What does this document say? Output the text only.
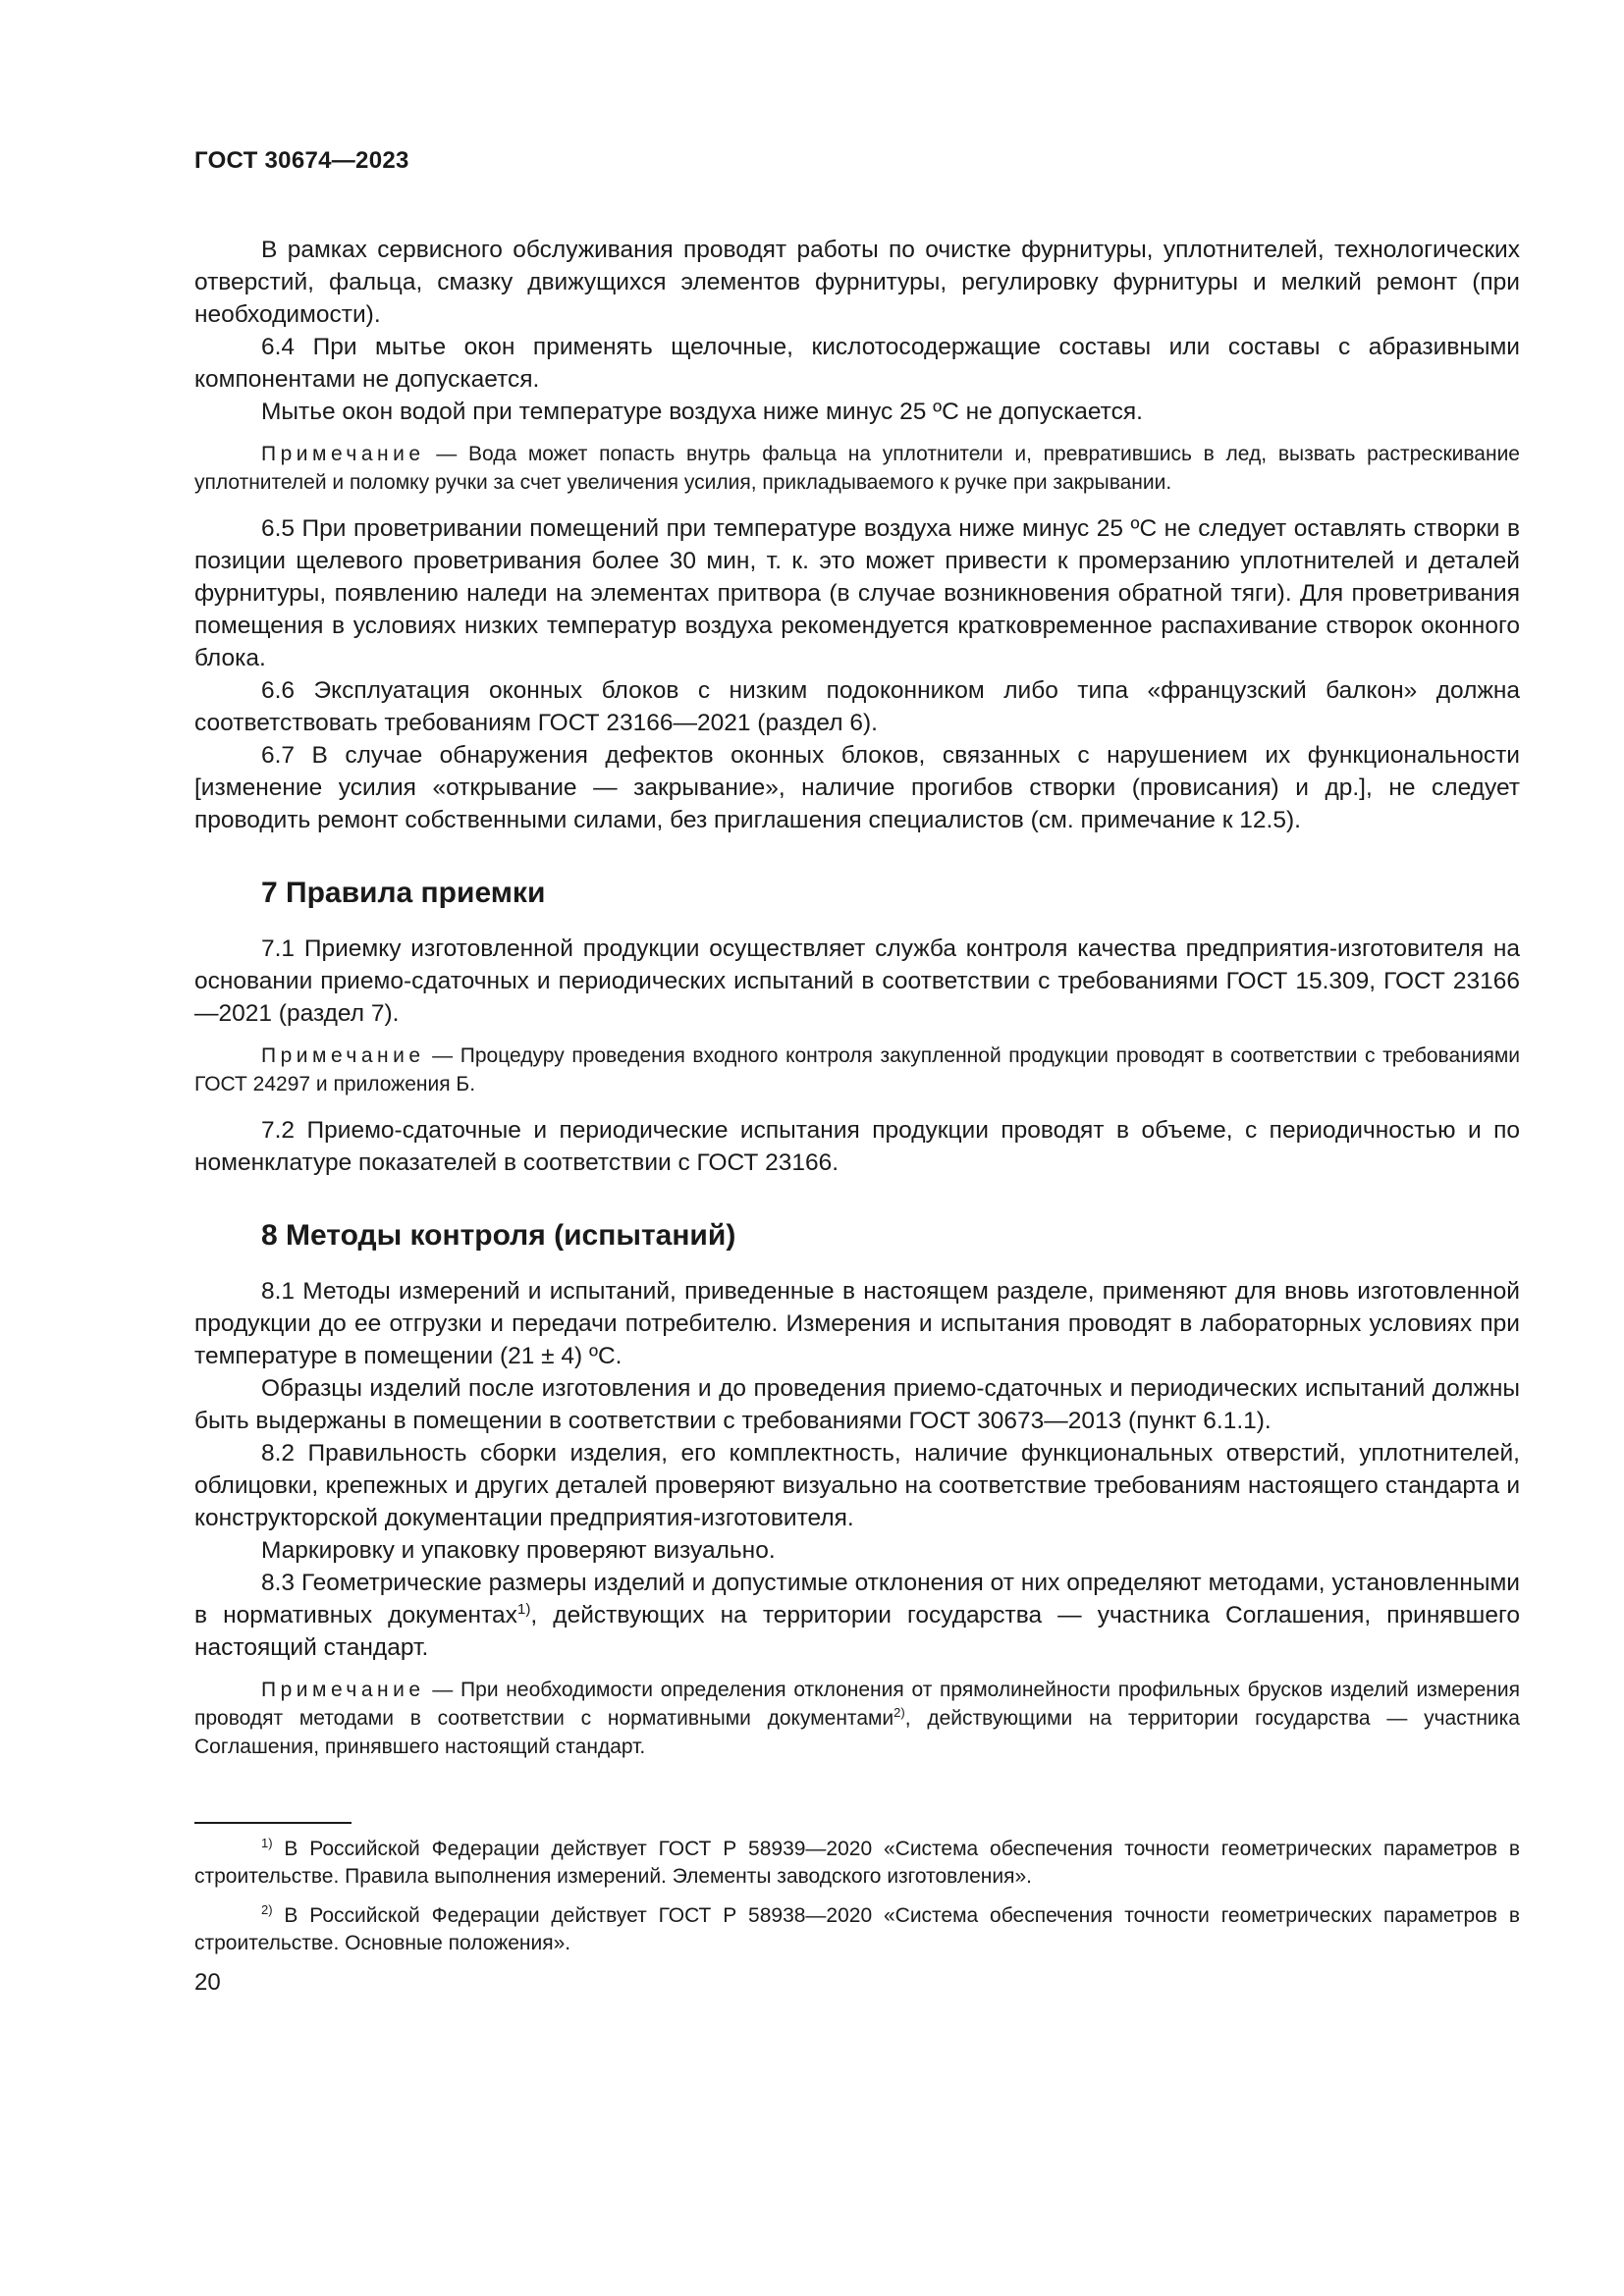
ГОСТ 30674—2023

В рамках сервисного обслуживания проводят работы по очистке фурнитуры, уплотнителей, технологических отверстий, фальца, смазку движущихся элементов фурнитуры, регулировку фурнитуры и мелкий ремонт (при необходимости).

6.4 При мытье окон применять щелочные, кислотосодержащие составы или составы с абразивными компонентами не допускается.

Мытье окон водой при температуре воздуха ниже минус 25 ºС не допускается.

Примечание — Вода может попасть внутрь фальца на уплотнители и, превратившись в лед, вызвать растрескивание уплотнителей и поломку ручки за счет увеличения усилия, прикладываемого к ручке при закрывании.

6.5 При проветривании помещений при температуре воздуха ниже минус 25 ºС не следует оставлять створки в позиции щелевого проветривания более 30 мин, т. к. это может привести к промерзанию уплотнителей и деталей фурнитуры, появлению наледи на элементах притвора (в случае возникновения обратной тяги). Для проветривания помещения в условиях низких температур воздуха рекомендуется кратковременное распахивание створок оконного блока.

6.6 Эксплуатация оконных блоков с низким подоконником либо типа «французский балкон» должна соответствовать требованиям ГОСТ 23166—2021 (раздел 6).

6.7 В случае обнаружения дефектов оконных блоков, связанных с нарушением их функциональности [изменение усилия «открывание — закрывание», наличие прогибов створки (провисания) и др.], не следует проводить ремонт собственными силами, без приглашения специалистов (см. примечание к 12.5).

7 Правила приемки

7.1 Приемку изготовленной продукции осуществляет служба контроля качества предприятия-изготовителя на основании приемо-сдаточных и периодических испытаний в соответствии с требованиями ГОСТ 15.309, ГОСТ 23166—2021 (раздел 7).

Примечание — Процедуру проведения входного контроля закупленной продукции проводят в соответствии с требованиями ГОСТ 24297 и приложения Б.

7.2 Приемо-сдаточные и периодические испытания продукции проводят в объеме, с периодичностью и по номенклатуре показателей в соответствии с ГОСТ 23166.

8 Методы контроля (испытаний)

8.1 Методы измерений и испытаний, приведенные в настоящем разделе, применяют для вновь изготовленной продукции до ее отгрузки и передачи потребителю. Измерения и испытания проводят в лабораторных условиях при температуре в помещении (21 ± 4) ºС.

Образцы изделий после изготовления и до проведения приемо-сдаточных и периодических испытаний должны быть выдержаны в помещении в соответствии с требованиями ГОСТ 30673—2013 (пункт 6.1.1).

8.2 Правильность сборки изделия, его комплектность, наличие функциональных отверстий, уплотнителей, облицовки, крепежных и других деталей проверяют визуально на соответствие требованиям настоящего стандарта и конструкторской документации предприятия-изготовителя.

Маркировку и упаковку проверяют визуально.

8.3 Геометрические размеры изделий и допустимые отклонения от них определяют методами, установленными в нормативных документах$^{1)}$, действующих на территории государства — участника Соглашения, принявшего настоящий стандарт.

Примечание — При необходимости определения отклонения от прямолинейности профильных брусков изделий измерения проводят методами в соответствии с нормативными документами$^{2)}$, действующими на территории государства — участника Соглашения, принявшего настоящий стандарт.

$^{1)}$ В Российской Федерации действует ГОСТ Р 58939—2020 «Система обеспечения точности геометрических параметров в строительстве. Правила выполнения измерений. Элементы заводского изготовления».

$^{2)}$ В Российской Федерации действует ГОСТ Р 58938—2020 «Система обеспечения точности геометрических параметров в строительстве. Основные положения».

20
